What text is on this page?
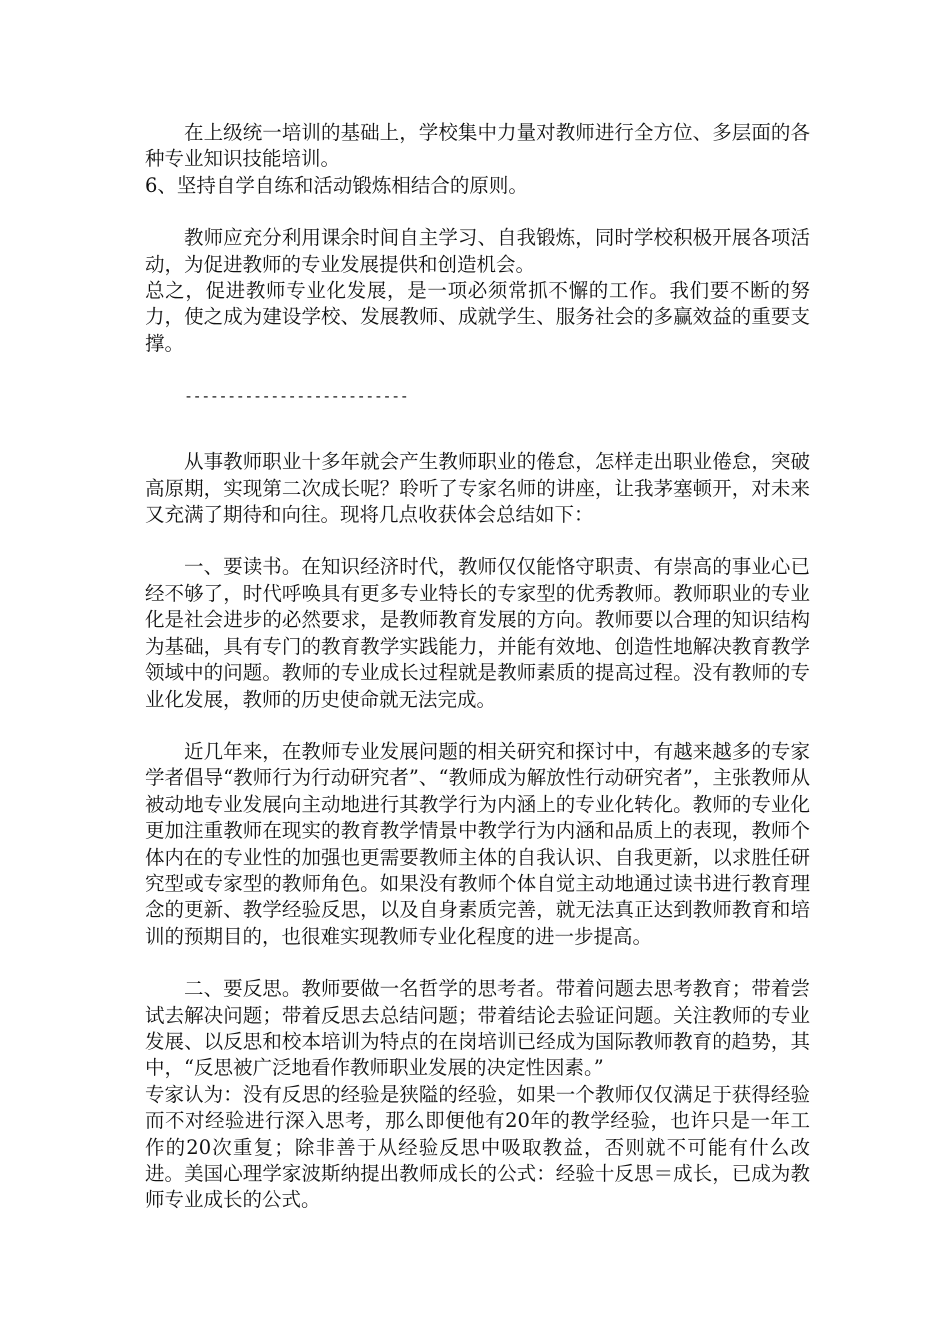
在上级统一培训的基础上，学校集中力量对教师进行全方位、多层面的各种专业知识技能培训。

6、坚持自学自练和活动锻炼相结合的原则。

教师应充分利用课余时间自主学习、自我锻炼，同时学校积极开展各项活动，为促进教师的专业发展提供和创造机会。

总之，促进教师专业化发展，是一项必须常抓不懈的工作。我们要不断的努力，使之成为建设学校、发展教师、成就学生、服务社会的多赢效益的重要支撑。

--------------------------

从事教师职业十多年就会产生教师职业的倦怠，怎样走出职业倦怠，突破高原期，实现第二次成长呢？聆听了专家名师的讲座，让我茅塞顿开，对未来又充满了期待和向往。现将几点收获体会总结如下：

一、要读书。在知识经济时代，教师仅仅能恪守职责、有崇高的事业心已经不够了，时代呼唤具有更多专业特长的专家型的优秀教师。教师职业的专业化是社会进步的必然要求，是教师教育发展的方向。教师要以合理的知识结构为基础，具有专门的教育教学实践能力，并能有效地、创造性地解决教育教学领域中的问题。教师的专业成长过程就是教师素质的提高过程。没有教师的专业化发展，教师的历史使命就无法完成。

近几年来，在教师专业发展问题的相关研究和探讨中，有越来越多的专家学者倡导“教师行为行动研究者”、“教师成为解放性行动研究者”，主张教师从被动地专业发展向主动地进行其教学行为内涵上的专业化转化。教师的专业化更加注重教师在现实的教育教学情景中教学行为内涵和品质上的表现，教师个体内在的专业性的加强也更需要教师主体的自我认识、自我更新，以求胜任研究型或专家型的教师角色。如果没有教师个体自觉主动地通过读书进行教育理念的更新、教学经验反思，以及自身素质完善，就无法真正达到教师教育和培训的预期目的，也很难实现教师专业化程度的进一步提高。

二、要反思。教师要做一名哲学的思考者。带着问题去思考教育；带着尝试去解决问题；带着反思去总结问题；带着结论去验证问题。关注教师的专业发展、以反思和校本培训为特点的在岗培训已经成为国际教师教育的趋势，其中，“反思被广泛地看作教师职业发展的决定性因素。”

专家认为：没有反思的经验是狭隘的经验，如果一个教师仅仅满足于获得经验而不对经验进行深入思考，那么即便他有20年的教学经验，也许只是一年工作的20次重复；除非善于从经验反思中吸取教益，否则就不可能有什么改进。美国心理学家波斯纳提出教师成长的公式：经验十反思＝成长，已成为教师专业成长的公式。
